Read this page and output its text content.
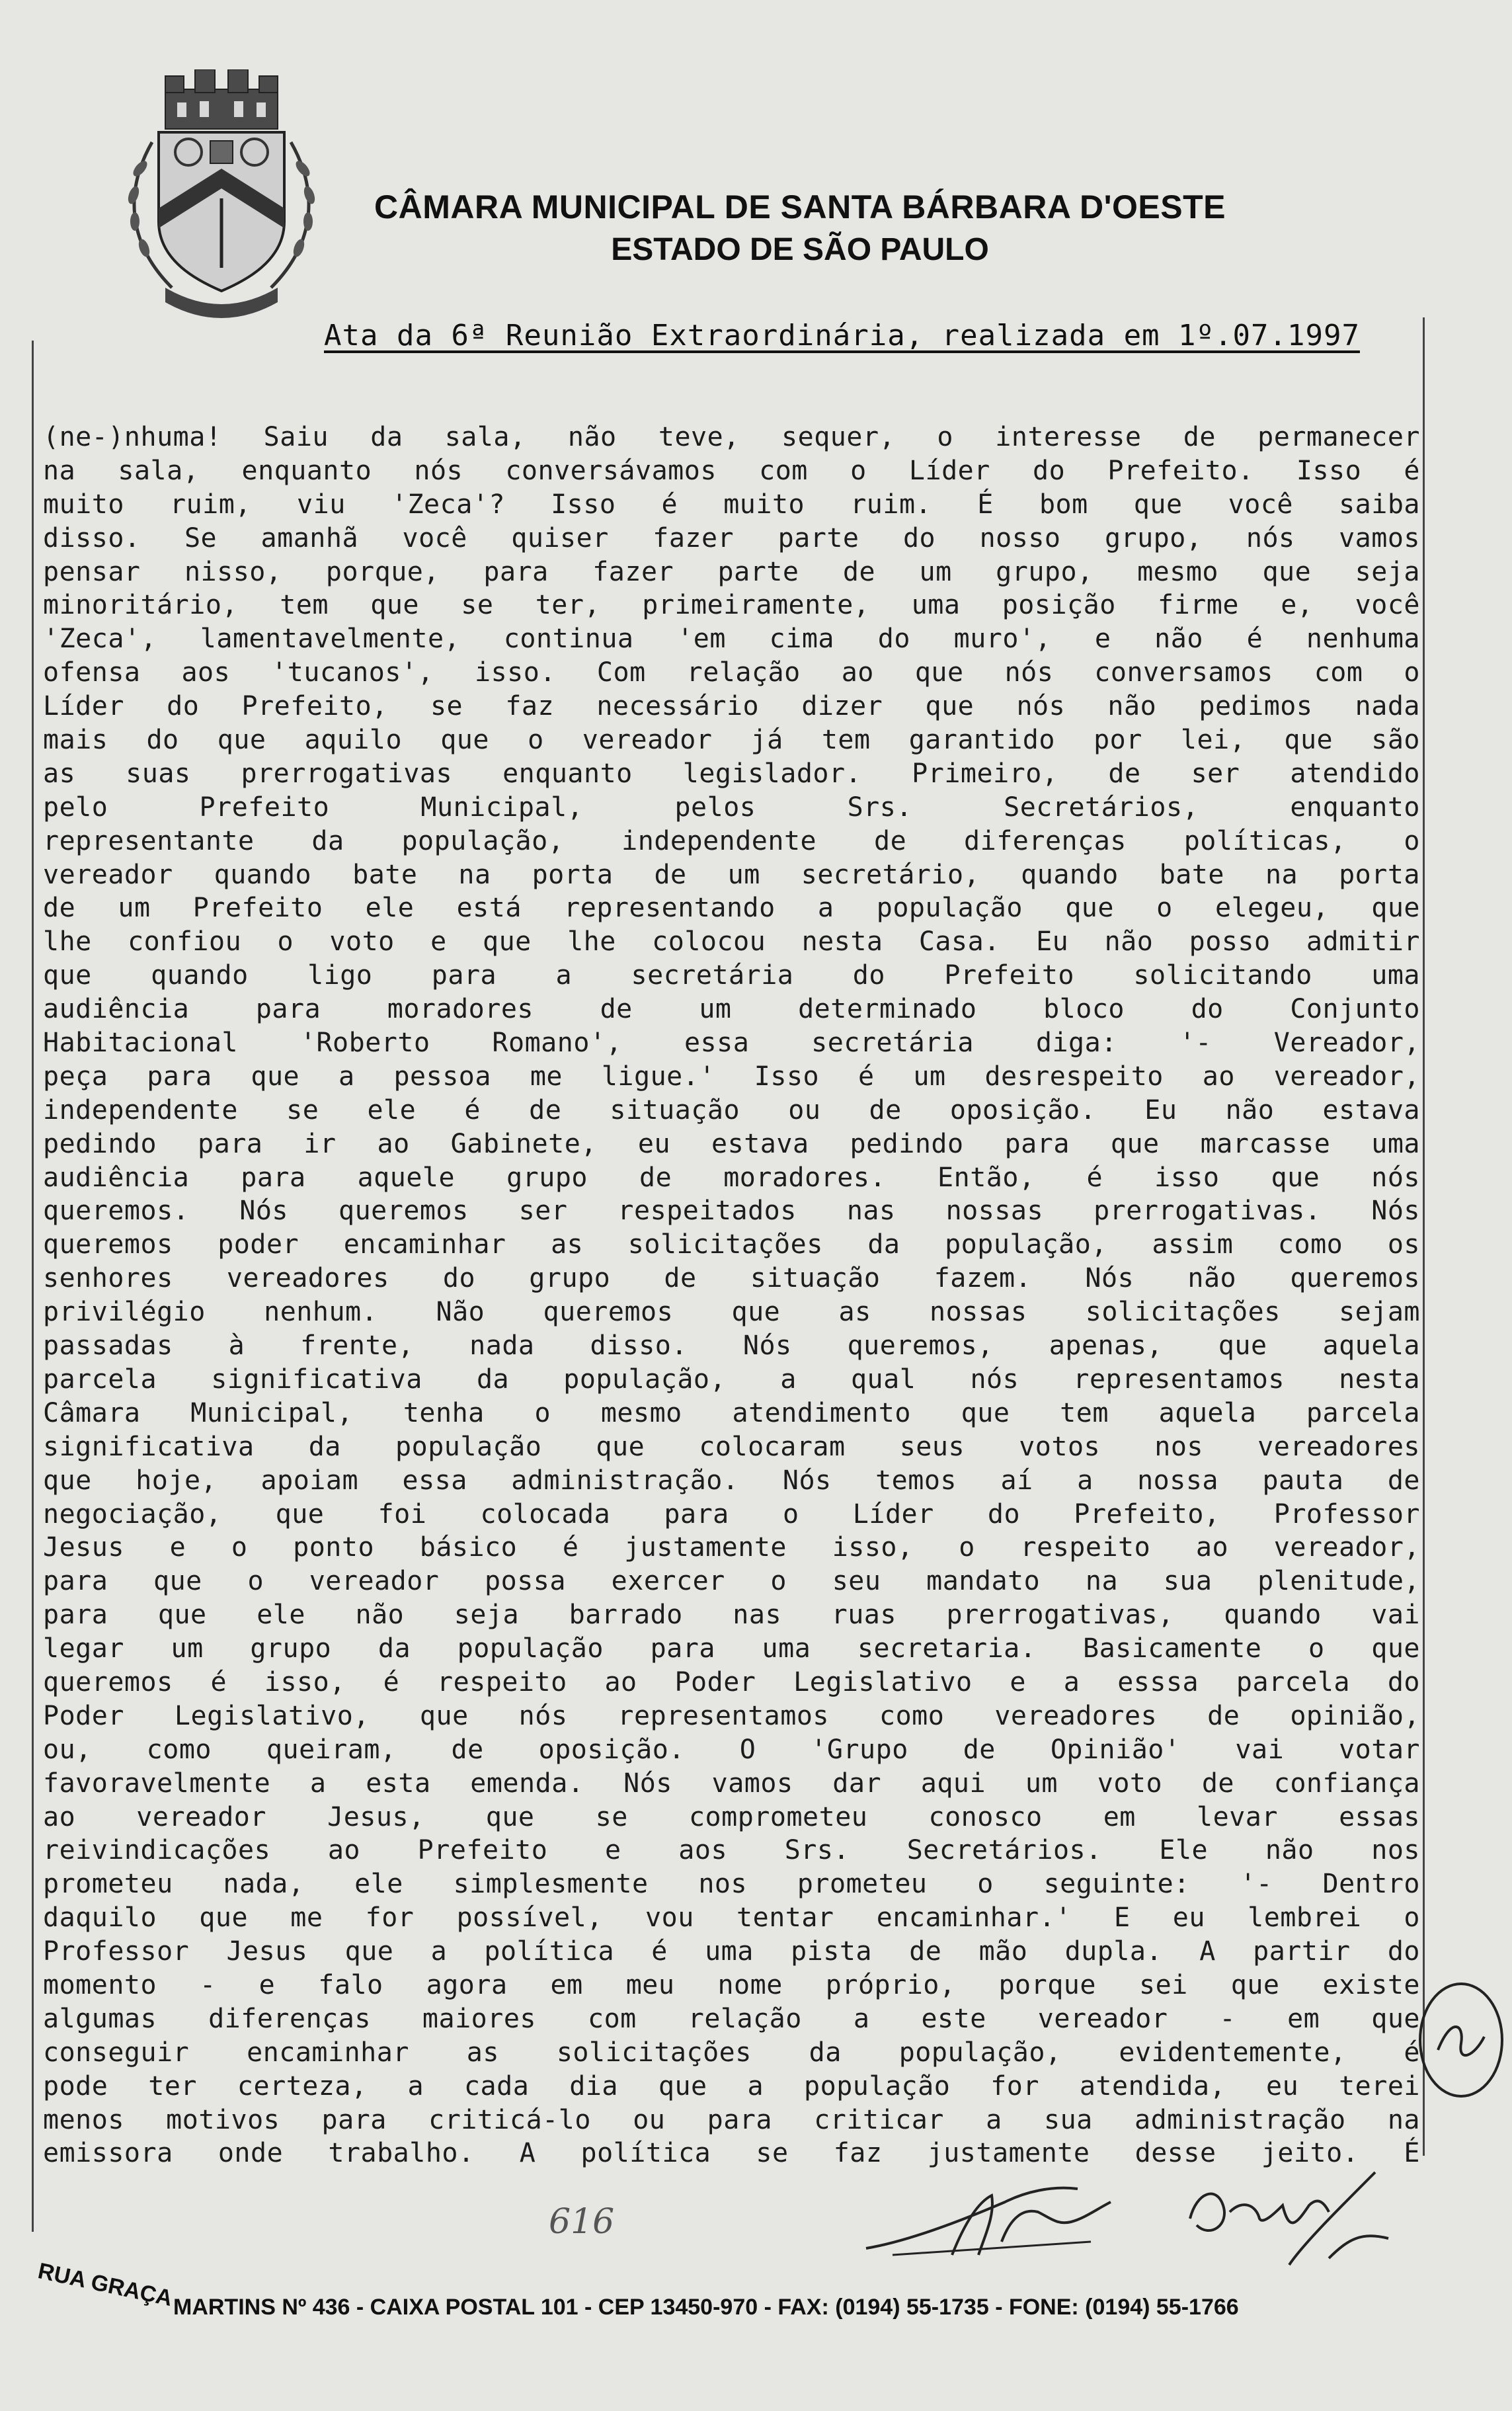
CÂMARA MUNICIPAL DE SANTA BÁRBARA D'OESTE
ESTADO DE SÃO PAULO
Ata da 6ª Reunião Extraordinária, realizada em 1º.07.1997
(ne-)nhuma! Saiu da sala, não teve, sequer, o interesse de permanecer
na sala, enquanto nós conversávamos com o Líder do Prefeito. Isso é
muito ruim, viu 'Zeca'? Isso é muito ruim. É bom que você saiba
disso. Se amanhã você quiser fazer parte do nosso grupo, nós vamos
pensar nisso, porque, para fazer parte de um grupo, mesmo que seja
minoritário, tem que se ter, primeiramente, uma posição firme e, você
'Zeca', lamentavelmente, continua 'em cima do muro', e não é nenhuma
ofensa aos 'tucanos', isso. Com relação ao que nós conversamos com o
Líder do Prefeito, se faz necessário dizer que nós não pedimos nada
mais do que aquilo que o vereador já tem garantido por lei, que são
as suas prerrogativas enquanto legislador. Primeiro, de ser atendido
pelo Prefeito Municipal, pelos Srs. Secretários, enquanto
representante da população, independente de diferenças políticas, o
vereador quando bate na porta de um secretário, quando bate na porta
de um Prefeito ele está representando a população que o elegeu, que
lhe confiou o voto e que lhe colocou nesta Casa. Eu não posso admitir
que quando ligo para a secretária do Prefeito solicitando uma
audiência para moradores de um determinado bloco do Conjunto
Habitacional 'Roberto Romano', essa secretária diga: '- Vereador,
peça para que a pessoa me ligue.' Isso é um desrespeito ao vereador,
independente se ele é de situação ou de oposição. Eu não estava
pedindo para ir ao Gabinete, eu estava pedindo para que marcasse uma
audiência para aquele grupo de moradores. Então, é isso que nós
queremos. Nós queremos ser respeitados nas nossas prerrogativas. Nós
queremos poder encaminhar as solicitações da população, assim como os
senhores vereadores do grupo de situação fazem. Nós não queremos
privilégio nenhum. Não queremos que as nossas solicitações sejam
passadas à frente, nada disso. Nós queremos, apenas, que aquela
parcela significativa da população, a qual nós representamos nesta
Câmara Municipal, tenha o mesmo atendimento que tem aquela parcela
significativa da população que colocaram seus votos nos vereadores
que hoje, apoiam essa administração. Nós temos aí a nossa pauta de
negociação, que foi colocada para o Líder do Prefeito, Professor
Jesus e o ponto básico é justamente isso, o respeito ao vereador,
para que o vereador possa exercer o seu mandato na sua plenitude,
para que ele não seja barrado nas ruas prerrogativas, quando vai
legar um grupo da população para uma secretaria. Basicamente o que
queremos é isso, é respeito ao Poder Legislativo e a esssa parcela do
Poder Legislativo, que nós representamos como vereadores de opinião,
ou, como queiram, de oposição. O 'Grupo de Opinião' vai votar
favoravelmente a esta emenda. Nós vamos dar aqui um voto de confiança
ao vereador Jesus, que se comprometeu conosco em levar essas
reivindicações ao Prefeito e aos Srs. Secretários. Ele não nos
prometeu nada, ele simplesmente nos prometeu o seguinte: '- Dentro
daquilo que me for possível, vou tentar encaminhar.' E eu lembrei o
Professor Jesus que a política é uma pista de mão dupla. A partir do
momento - e falo agora em meu nome próprio, porque sei que existe
algumas diferenças maiores com relação a este vereador - em que
conseguir encaminhar as solicitações da população, evidentemente, é
pode ter certeza, a cada dia que a população for atendida, eu terei
menos motivos para criticá-lo ou para criticar a sua administração na
emissora onde trabalho. A política se faz justamente desse jeito. É
616
RUA GRAÇA
MARTINS Nº 436 - CAIXA POSTAL 101 - CEP 13450-970 - FAX: (0194) 55-1735 - FONE: (0194) 55-1766
